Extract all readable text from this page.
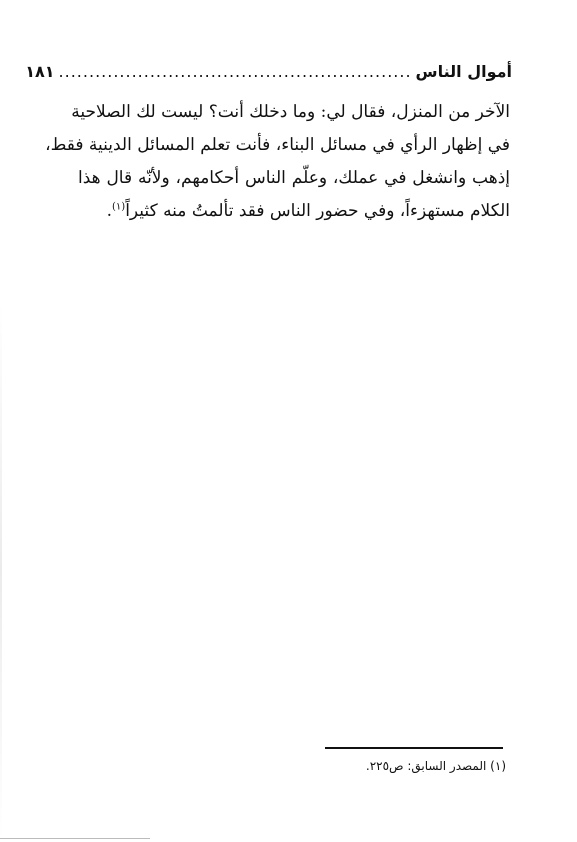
أموال الناس
..........................................................
١٨١
الآخر من المنزل، فقال لي: وما دخلك أنت؟ ليست لك الصلاحية
في إظهار الرأي في مسائل البناء، فأنت تعلم المسائل الدينية فقط،
إذهب وانشغل في عملك، وعلّم الناس أحكامهم، ولأنّه قال هذا
الكلام مستهزءاً، وفي حضور الناس فقد تألمتُ منه كثيراً$^{(١)}$.
(١) المصدر السابق: ص٢٢٥.
